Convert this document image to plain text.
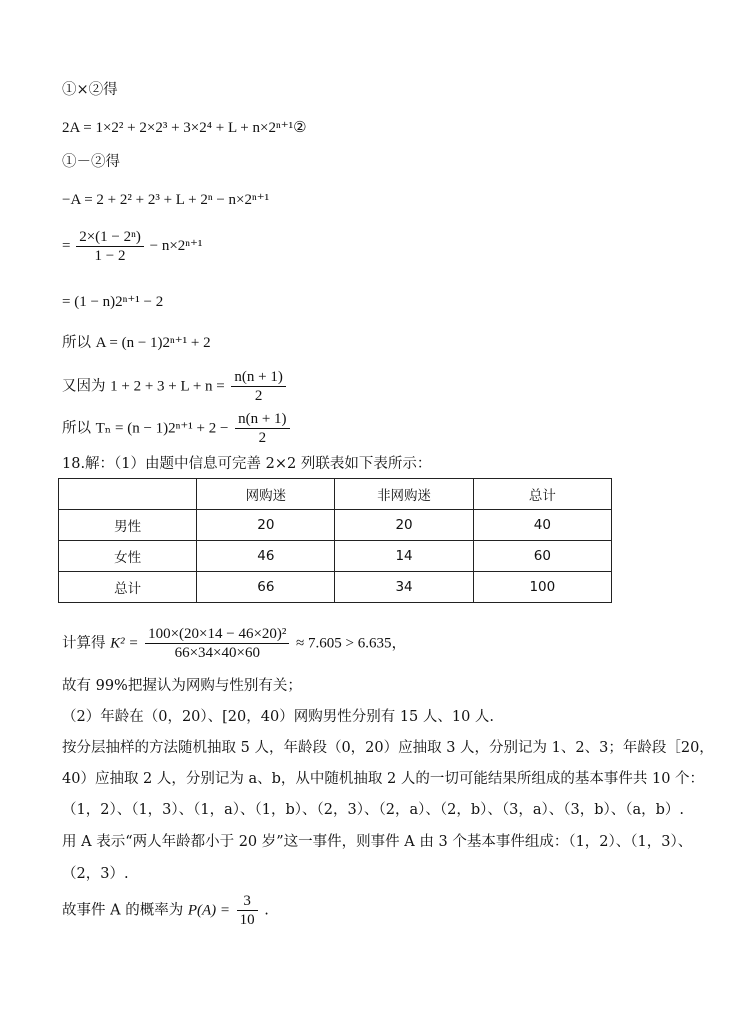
①×②得
2A = 1×2² + 2×2³ + 3×2⁴ + L + n×2ⁿ⁺¹②
①－②得
−A = 2 + 2² + 2³ + L + 2ⁿ − n×2ⁿ⁺¹
= $\frac{\text{2×(1 − 2ⁿ)}}{1 - 2} - n\times 2^{n+1}$
= (1 − n)2ⁿ⁺¹ − 2
所以 A = (n − 1)2ⁿ⁺¹ + 2
又因为 $1 + 2 + 3 + L + n = \frac{n(n + 1)}{2}$
所以 $T_n = (n - 1)2^{n+1} + 2 - \frac{n(n + 1)}{2}$
18.解：（1）由题中信息可完善 2×2 列联表如下表所示：
	网购迷	非网购迷	总计
男性	20	20	40
女性	46	14	60
总计	66	34	100
计算得 $K^2 = \frac{\text{100×(20×14 − 46×20)²}}{66\times 34\times 40\times 60} \approx 7.605 > 6.635$，
故有 99%把握认为网购与性别有关；
（2）年龄在（0，20）、[20，40）网购男性分别有 15 人、10 人.
按分层抽样的方法随机抽取 5 人，年龄段（0，20）应抽取 3 人，分别记为 1、2、3；年龄段［20，
40）应抽取 2 人，分别记为 a、b，从中随机抽取 2 人的一切可能结果所组成的基本事件共 10 个：
（1，2）、（1，3）、（1，a）、（1，b）、（2，3）、（2，a）、（2，b）、（3，a）、（3，b）、（a，b）.
用 A 表示“两人年龄都小于 20 岁”这一事件，则事件 A 由 3 个基本事件组成：（1，2）、（1，3）、
（2，3）.
故事件 A 的概率为 $P(A) = \frac{3}{10}$ .
